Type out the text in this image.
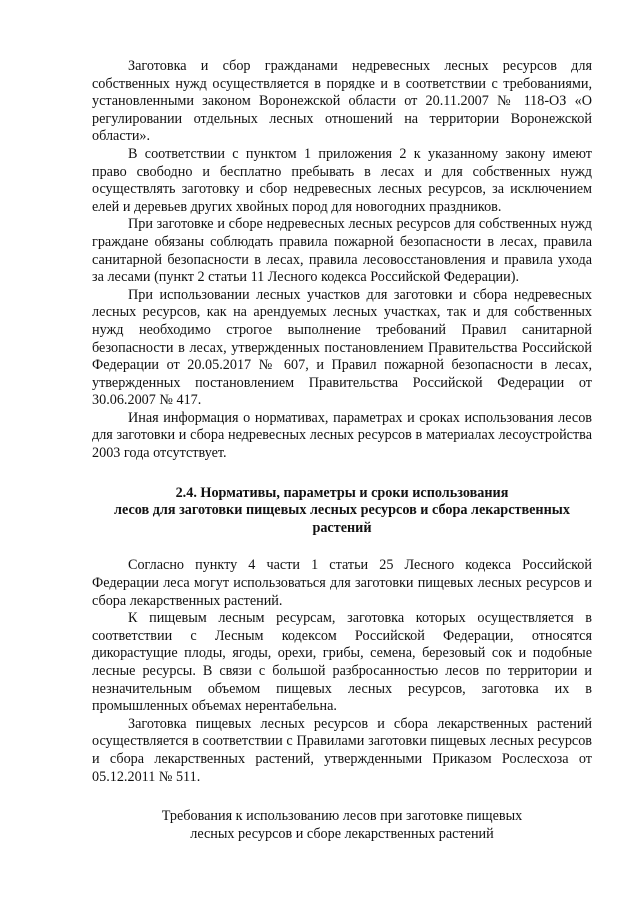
Заготовка и сбор гражданами недревесных лесных ресурсов для собственных нужд осуществляется в порядке и в соответствии с требованиями, установленными законом Воронежской области от 20.11.2007 № 118-ОЗ «О регулировании отдельных лесных отношений на территории Воронежской области».

В соответствии с пунктом 1 приложения 2 к указанному закону имеют право свободно и бесплатно пребывать в лесах и для собственных нужд осуществлять заготовку и сбор недревесных лесных ресурсов, за исключением елей и деревьев других хвойных пород для новогодних праздников.

При заготовке и сборе недревесных лесных ресурсов для собственных нужд граждане обязаны соблюдать правила пожарной безопасности в лесах, правила санитарной безопасности в лесах, правила лесовосстановления и правила ухода за лесами (пункт 2 статьи 11 Лесного кодекса Российской Федерации).

При использовании лесных участков для заготовки и сбора недревесных лесных ресурсов, как на арендуемых лесных участках, так и для собственных нужд необходимо строгое выполнение требований Правил санитарной безопасности в лесах, утвержденных постановлением Правительства Российской Федерации от 20.05.2017 № 607, и Правил пожарной безопасности в лесах, утвержденных постановлением Правительства Российской Федерации от 30.06.2007 № 417.

Иная информация о нормативах, параметрах и сроках использования лесов для заготовки и сбора недревесных лесных ресурсов в материалах лесоустройства 2003 года отсутствует.

2.4. Нормативы, параметры и сроки использования
лесов для заготовки пищевых лесных ресурсов и сбора лекарственных
растений

Согласно пункту 4 части 1 статьи 25 Лесного кодекса Российской Федерации леса могут использоваться для заготовки пищевых лесных ресурсов и сбора лекарственных растений.

К пищевым лесным ресурсам, заготовка которых осуществляется в соответствии с Лесным кодексом Российской Федерации, относятся дикорастущие плоды, ягоды, орехи, грибы, семена, березовый сок и подобные лесные ресурсы. В связи с большой разбросанностью лесов по территории и незначительным объемом пищевых лесных ресурсов, заготовка их в промышленных объемах нерентабельна.

Заготовка пищевых лесных ресурсов и сбора лекарственных растений осуществляется в соответствии с Правилами заготовки пищевых лесных ресурсов и сбора лекарственных растений, утвержденными Приказом Рослесхоза от 05.12.2011 № 511.

Требования к использованию лесов при заготовке пищевых
лесных ресурсов и сборе лекарственных растений
